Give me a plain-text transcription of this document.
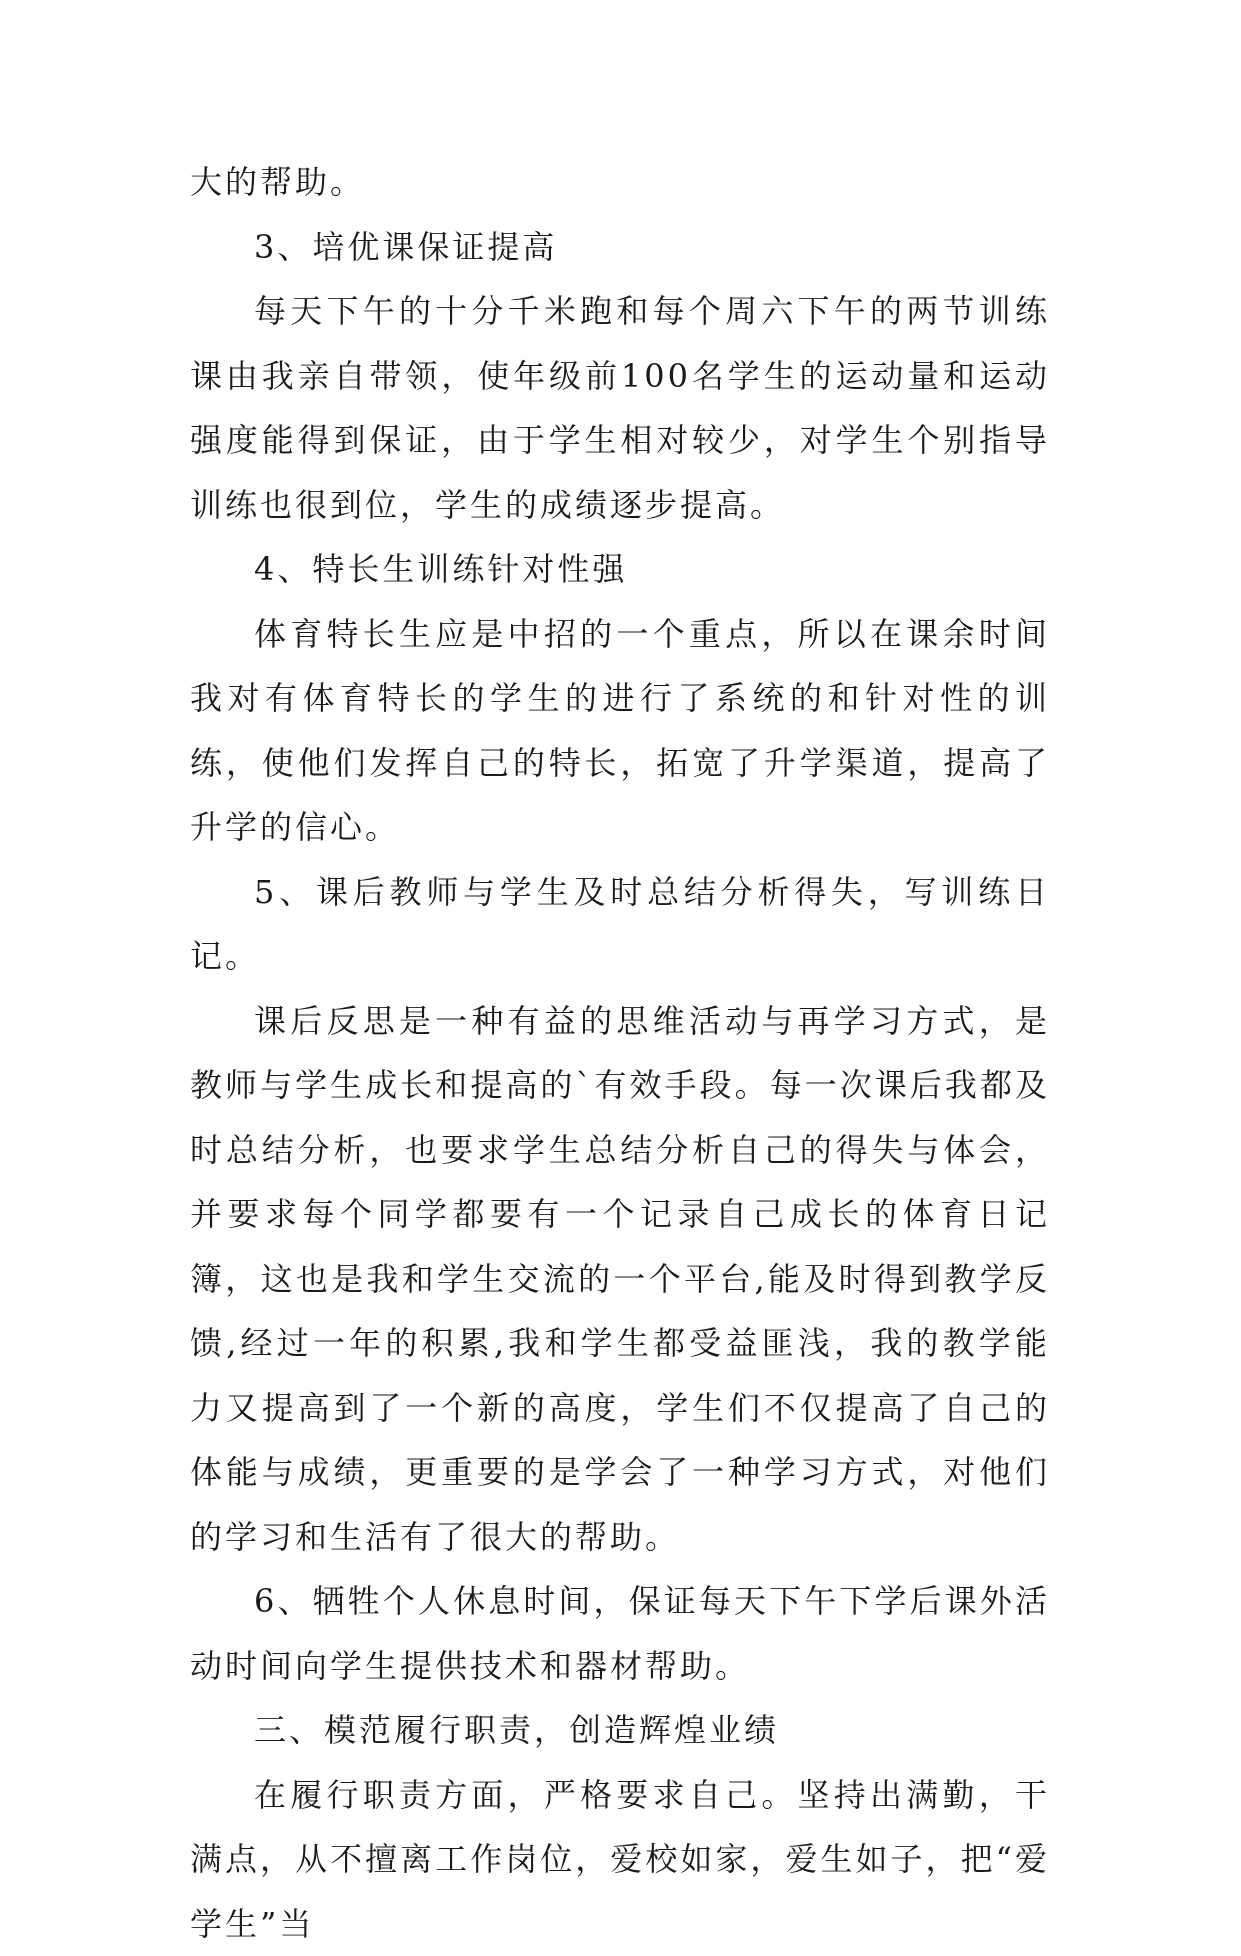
大的帮助。

3、培优课保证提高

每天下午的十分千米跑和每个周六下午的两节训练课由我亲自带领，使年级前100名学生的运动量和运动强度能得到保证，由于学生相对较少，对学生个别指导训练也很到位，学生的成绩逐步提高。

4、特长生训练针对性强

体育特长生应是中招的一个重点，所以在课余时间我对有体育特长的学生的进行了系统的和针对性的训练，使他们发挥自己的特长，拓宽了升学渠道，提高了升学的信心。

5、课后教师与学生及时总结分析得失，写训练日记。

课后反思是一种有益的思维活动与再学习方式，是教师与学生成长和提高的`有效手段。每一次课后我都及时总结分析，也要求学生总结分析自己的得失与体会，并要求每个同学都要有一个记录自己成长的体育日记簿，这也是我和学生交流的一个平台,能及时得到教学反馈,经过一年的积累,我和学生都受益匪浅，我的教学能力又提高到了一个新的高度，学生们不仅提高了自己的体能与成绩，更重要的是学会了一种学习方式，对他们的学习和生活有了很大的帮助。

6、牺牲个人休息时间，保证每天下午下学后课外活动时间向学生提供技术和器材帮助。

三、模范履行职责，创造辉煌业绩

在履行职责方面，严格要求自己。坚持出满勤，干满点，从不擅离工作岗位，爱校如家，爱生如子，把“爱学生”当
